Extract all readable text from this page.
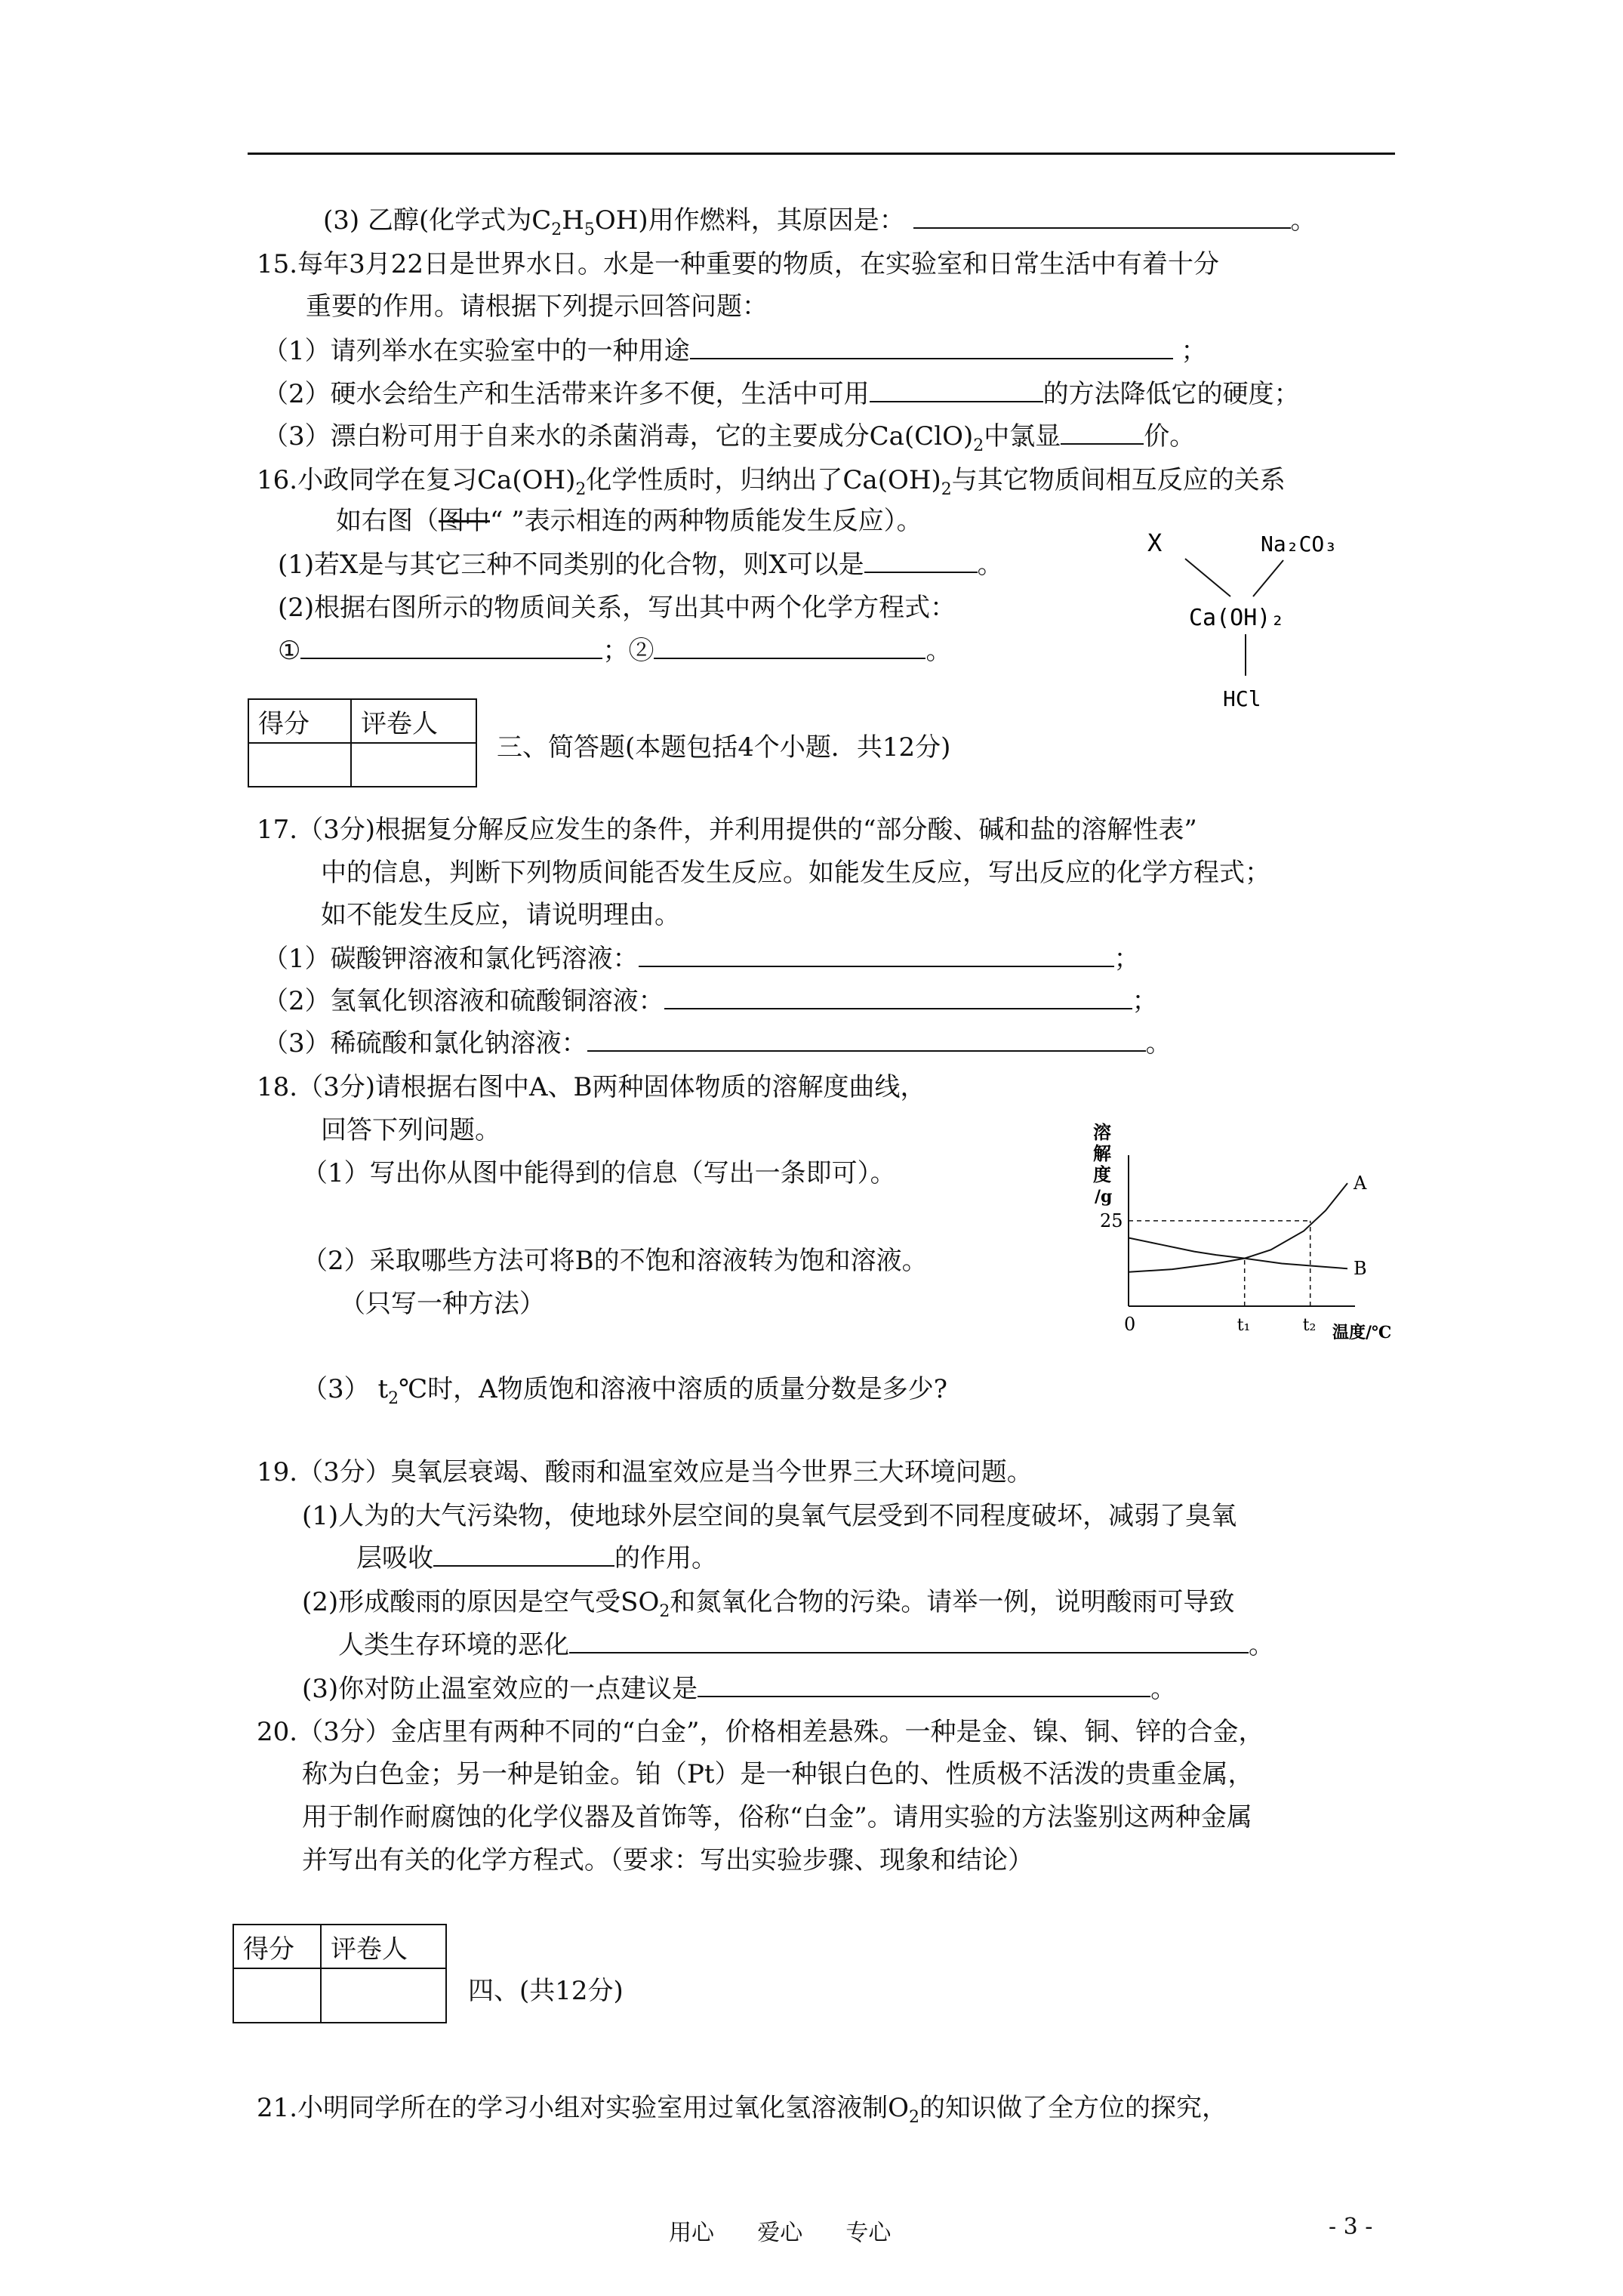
(3) 乙醇(化学式为$C_2H_5OH$)用作燃料，其原因是：	。
15.每年3月22日是世界水日。水是一种重要的物质，在实验室和日常生活中有着十分
重要的作用。请根据下列提示回答问题：
（1）请列举水在实验室中的一种用途	；
（2）硬水会给生产和生活带来许多不便，生活中可用	的方法降低它的硬度；
（3）漂白粉可用于自来水的杀菌消毒，它的主要成分$Ca(ClO)_2$中氯显	价。
16.小政同学在复习$Ca(OH)_2$化学性质时，归纳出了$Ca(OH)_2$与其它物质间相互反应的关系
如右图（图中“ ”表示相连的两种物质能发生反应）。
(1)若X是与其它三种不同类别的化合物，则X可以是	。
(2)根据右图所示的物质间关系，写出其中两个化学方程式：
①	；②	。
X	Na₂CO₃
Ca(OH)₂
HCl
得分	评卷人

三、简答题(本题包括4个小题．共12分)
17.（3分)根据复分解反应发生的条件，并利用提供的“部分酸、碱和盐的溶解性表”
中的信息，判断下列物质间能否发生反应。如能发生反应，写出反应的化学方程式；
如不能发生反应，请说明理由。
（1）碳酸钾溶液和氯化钙溶液：	；
（2）氢氧化钡溶液和硫酸铜溶液：	；
（3）稀硫酸和氯化钠溶液：	。
18.（3分)请根据右图中A、B两种固体物质的溶解度曲线，
回答下列问题。
（1）写出你从图中能得到的信息（写出一条即可）。
（2）采取哪些方法可将B的不饱和溶液转为饱和溶液。
（只写一种方法）
（3） $t_2℃$时，A物质饱和溶液中溶质的质量分数是多少?
溶
解
度
/g
A
B
25
0	t₁	t₂ 温度/℃
19.（3分）臭氧层衰竭、酸雨和温室效应是当今世界三大环境问题。
(1)人为的大气污染物，使地球外层空间的臭氧气层受到不同程度破坏，减弱了臭氧
层吸收	的作用。
(2)形成酸雨的原因是空气受$SO_2$和氮氧化合物的污染。请举一例，说明酸雨可导致
人类生存环境的恶化	。
(3)你对防止温室效应的一点建议是	。
20.（3分）金店里有两种不同的“白金”，价格相差悬殊。一种是金、镍、铜、锌的合金，
称为白色金；另一种是铂金。铂（Pt）是一种银白色的、性质极不活泼的贵重金属，
用于制作耐腐蚀的化学仪器及首饰等，俗称“白金”。请用实验的方法鉴别这两种金属
并写出有关的化学方程式。（要求：写出实验步骤、现象和结论）
得分	评卷人

四、(共12分)
21.小明同学所在的学习小组对实验室用过氧化氢溶液制$O_2$的知识做了全方位的探究，
用心      爱心      专心	- 3 -
